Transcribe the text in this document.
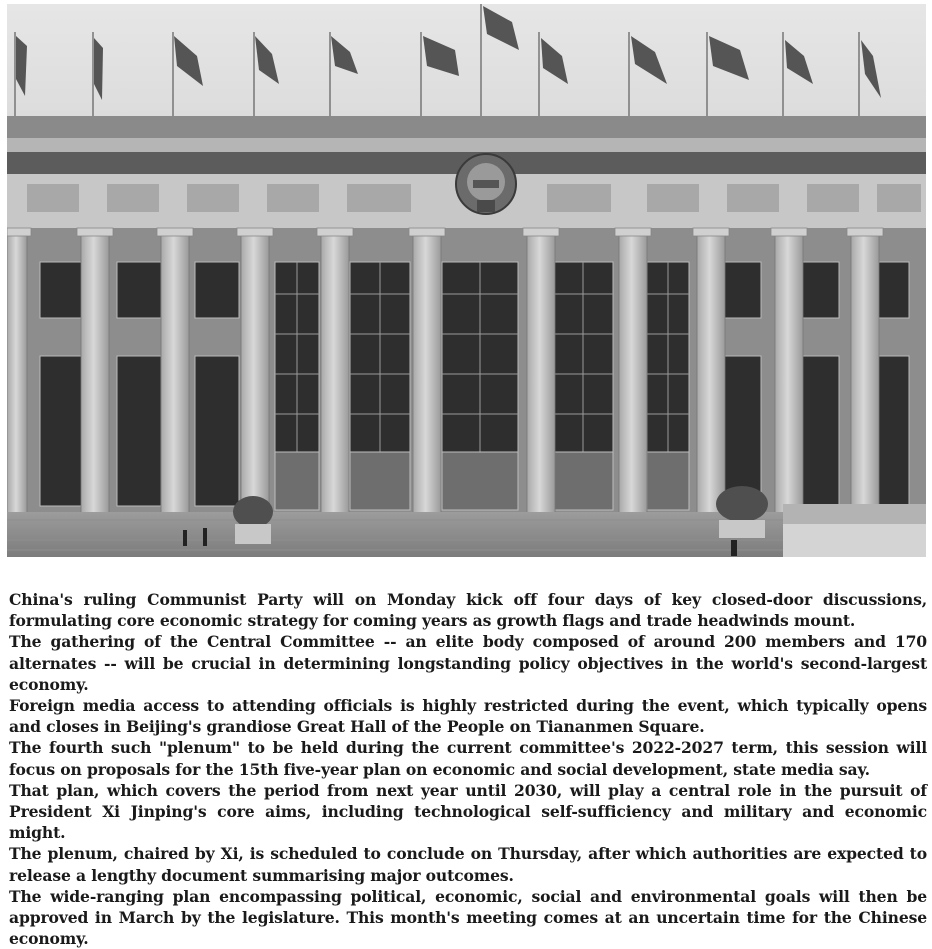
China's ruling Communist Party will on Monday kick off four days of key closed-door discussions, formulating core economic strategy for coming years as growth flags and trade headwinds mount.

The gathering of the Central Committee -- an elite body composed of around 200 members and 170 alternates -- will be crucial in determining longstanding policy objectives in the world's second-largest economy.

Foreign media access to attending officials is highly restricted during the event, which typically opens and closes in Beijing's grandiose Great Hall of the People on Tiananmen Square.

The fourth such "plenum" to be held during the current committee's 2022-2027 term, this session will focus on proposals for the 15th five-year plan on economic and social development, state media say.

That plan, which covers the period from next year until 2030, will play a central role in the pursuit of President Xi Jinping's core aims, including technological self-sufficiency and military and economic might.

The plenum, chaired by Xi, is scheduled to conclude on Thursday, after which authorities are expected to release a lengthy document summarising major outcomes.

The wide-ranging plan encompassing political, economic, social and environmental goals will then be approved in March by the legislature. This month's meeting comes at an uncertain time for the Chinese economy.
